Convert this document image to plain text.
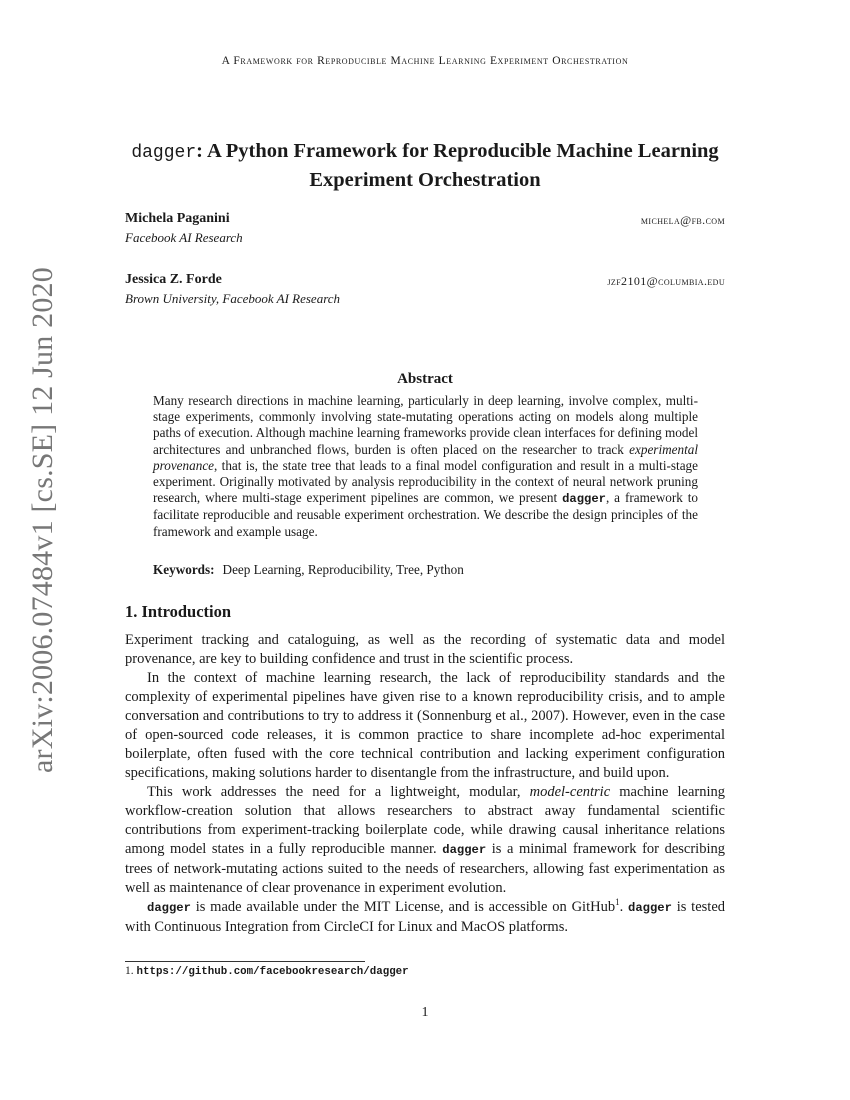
A Framework for Reproducible Machine Learning Experiment Orchestration
arXiv:2006.07484v1 [cs.SE] 12 Jun 2020
dagger: A Python Framework for Reproducible Machine Learning Experiment Orchestration
Michela Paganini
Facebook AI Research
michela@fb.com
Jessica Z. Forde
Brown University, Facebook AI Research
jzf2101@columbia.edu
Abstract
Many research directions in machine learning, particularly in deep learning, involve complex, multi-stage experiments, commonly involving state-mutating operations acting on models along multiple paths of execution. Although machine learning frameworks provide clean interfaces for defining model architectures and unbranched flows, burden is often placed on the researcher to track experimental provenance, that is, the state tree that leads to a final model configuration and result in a multi-stage experiment. Originally motivated by analysis reproducibility in the context of neural network pruning research, where multi-stage experiment pipelines are common, we present dagger, a framework to facilitate reproducible and reusable experiment orchestration. We describe the design principles of the framework and example usage.
Keywords: Deep Learning, Reproducibility, Tree, Python
1. Introduction

Experiment tracking and cataloguing, as well as the recording of systematic data and model provenance, are key to building confidence and trust in the scientific process.

In the context of machine learning research, the lack of reproducibility standards and the complexity of experimental pipelines have given rise to a known reproducibility crisis, and to ample conversation and contributions to try to address it (Sonnenburg et al., 2007). However, even in the case of open-sourced code releases, it is common practice to share incomplete ad-hoc experimental boilerplate, often fused with the core technical contribution and lacking experiment configuration specifications, making solutions harder to disentangle from the infrastructure, and build upon.

This work addresses the need for a lightweight, modular, model-centric machine learning workflow-creation solution that allows researchers to abstract away fundamental scientific contributions from experiment-tracking boilerplate code, while drawing causal inheritance relations among model states in a fully reproducible manner. dagger is a minimal framework for describing trees of network-mutating actions suited to the needs of researchers, allowing fast experimentation as well as maintenance of clear provenance in experiment evolution.

dagger is made available under the MIT License, and is accessible on GitHub$^1$. dagger is tested with Continuous Integration from CircleCI for Linux and MacOS platforms.

1. https://github.com/facebookresearch/dagger
1
